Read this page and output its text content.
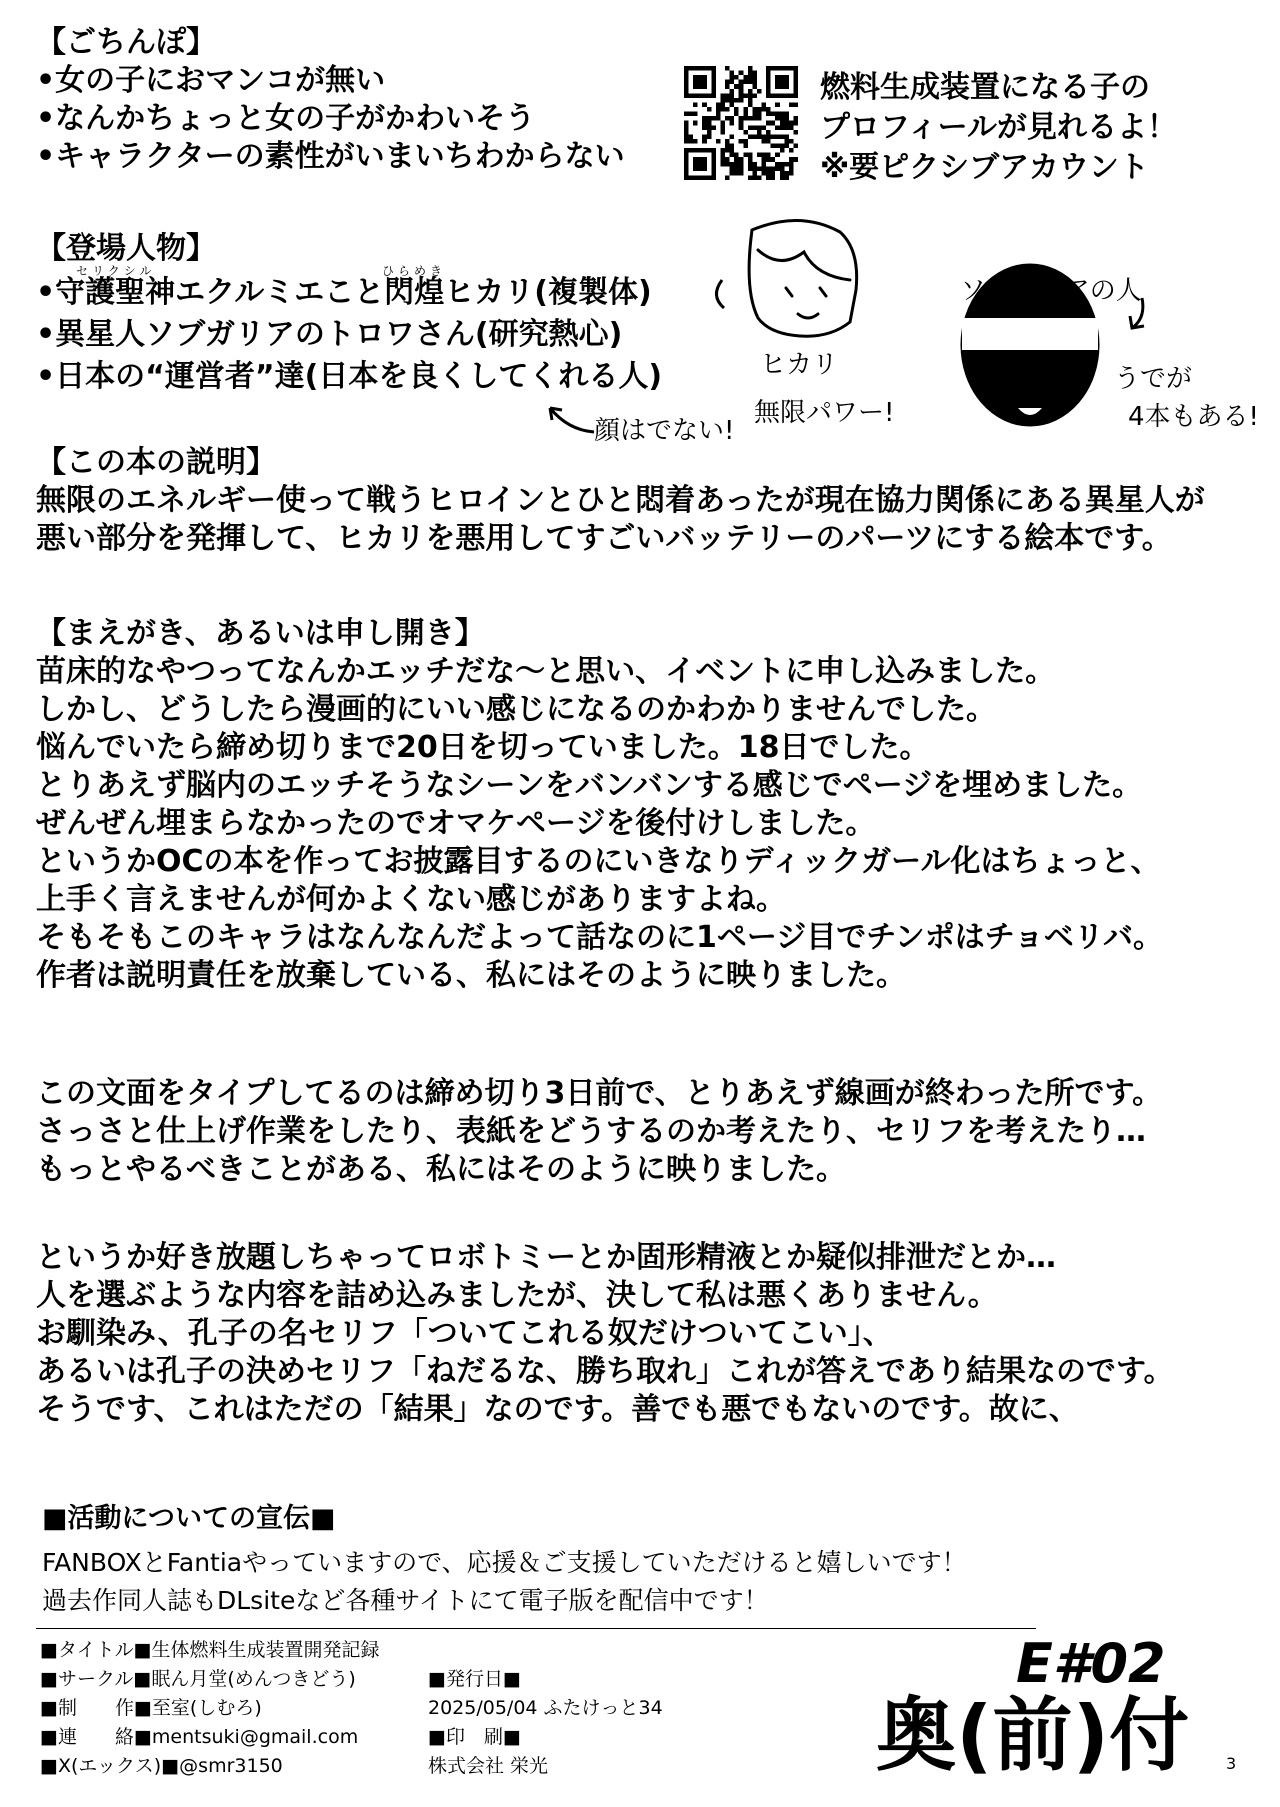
【ごちんぽ】
•女の子におマンコが無い
•なんかちょっと女の子がかわいそう
•キャラクターの素性がいまいちわからない
燃料生成装置になる子の
プロフィールが見れるよ！
※要ピクシブアカウント
【登場人物】
セリクシル	ひらめき
•守護聖神エクルミエこと閃煌ヒカリ(複製体)
•異星人ソブガリアのトロワさん(研究熱心)
•日本の“運営者”達(日本を良くしてくれる人)	ヒカリ
無限パワー!
ソブガリアの人
うでが
4本もある!
顔はでない!
【この本の説明】
無限のエネルギー使って戦うヒロインとひと悶着あったが現在協力関係にある異星人が
悪い部分を発揮して、ヒカリを悪用してすごいバッテリーのパーツにする絵本です。
【まえがき、あるいは申し開き】
苗床的なやつってなんかエッチだな〜と思い、イベントに申し込みました。
しかし、どうしたら漫画的にいい感じになるのかわかりませんでした。
悩んでいたら締め切りまで20日を切っていました。18日でした。
とりあえず脳内のエッチそうなシーンをバンバンする感じでページを埋めました。
ぜんぜん埋まらなかったのでオマケページを後付けしました。
というかOCの本を作ってお披露目するのにいきなりディックガール化はちょっと、
上手く言えませんが何かよくない感じがありますよね。
そもそもこのキャラはなんなんだよって話なのに1ページ目でチンポはチョベリバ。
作者は説明責任を放棄している、私にはそのように映りました。
この文面をタイプしてるのは締め切り3日前で、とりあえず線画が終わった所です。
さっさと仕上げ作業をしたり、表紙をどうするのか考えたり、セリフを考えたり…
もっとやるべきことがある、私にはそのように映りました。
というか好き放題しちゃってロボトミーとか固形精液とか疑似排泄だとか…
人を選ぶような内容を詰め込みましたが、決して私は悪くありません。
お馴染み、孔子の名セリフ「ついてこれる奴だけついてこい」、
あるいは孔子の決めセリフ「ねだるな、勝ち取れ」これが答えであり結果なのです。
そうです、これはただの「結果」なのです。善でも悪でもないのです。故に、
■活動についての宣伝■
FANBOXとFantiaやっていますので、応援＆ご支援していただけると嬉しいです！
過去作同人誌もDLsiteなど各種サイトにて電子版を配信中です！
■タイトル■生体燃料生成装置開発記録
■サークル■眠ん月堂(めんつきどう)
■制　　作■至室(しむろ)
■連　　絡■mentsuki@gmail.com
■X(エックス)■@smr3150
■発行日■
2025/05/04 ふたけっと34
■印　刷■
株式会社 栄光
E#02
奥(前)付 3
